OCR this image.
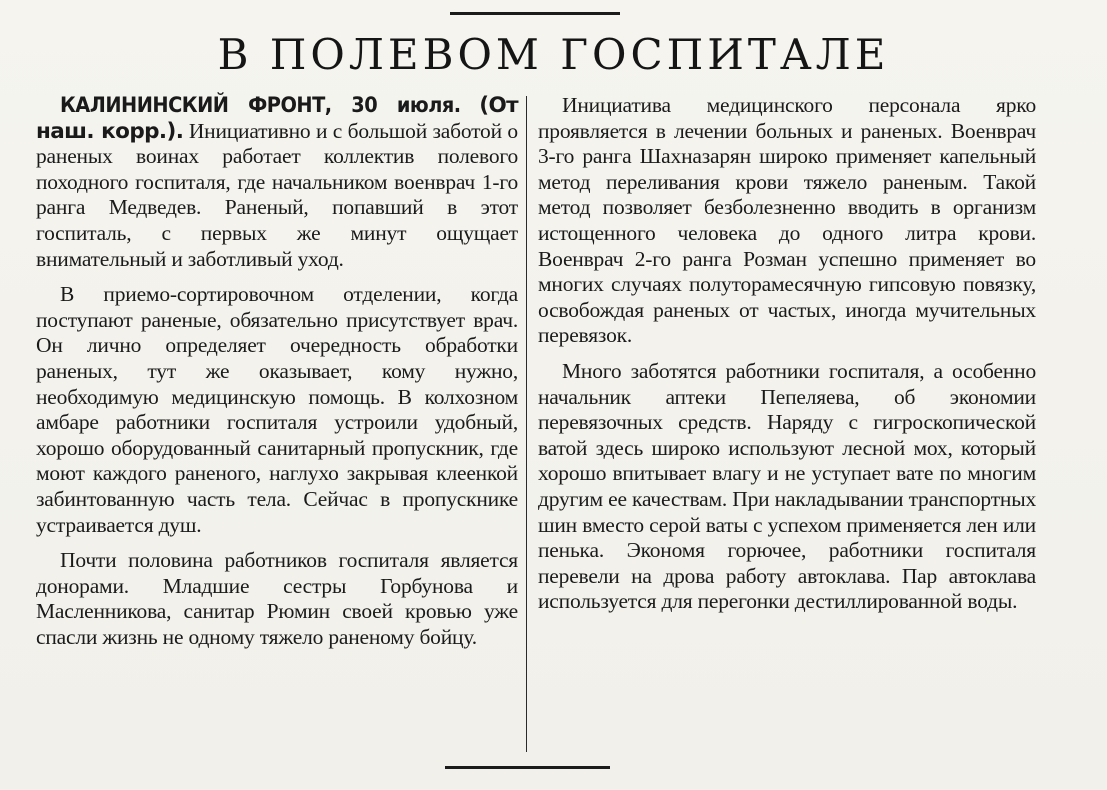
В ПОЛЕВОМ ГОСПИТАЛЕ

КАЛИНИНСКИЙ ФРОНТ, 30 июля. (От наш. корр.). Инициативно и с большой заботой о раненых воинах работает коллектив полевого походного госпиталя, где начальником военврач 1-го ранга Медведев. Раненый, попавший в этот госпиталь, с первых же минут ощущает внимательный и заботливый уход.

В приемо-сортировочном отделении, когда поступают раненые, обязательно присутствует врач. Он лично определяет очередность обработки раненых, тут же оказывает, кому нужно, необходимую медицинскую помощь. В колхозном амбаре работники госпиталя устроили удобный, хорошо оборудованный санитарный пропускник, где моют каждого раненого, наглухо закрывая клеенкой забинтованную часть тела. Сейчас в пропускнике устраивается душ.

Почти половина работников госпиталя является донорами. Младшие сестры Горбунова и Масленникова, санитар Рюмин своей кровью уже спасли жизнь не одному тяжело раненому бойцу.

Инициатива медицинского персонала ярко проявляется в лечении больных и раненых. Военврач 3-го ранга Шахназарян широко применяет капельный метод переливания крови тяжело раненым. Такой метод позволяет безболезненно вводить в организм истощенного человека до одного литра крови. Военврач 2-го ранга Розман успешно применяет во многих случаях полуторамесячную гипсовую повязку, освобождая раненых от частых, иногда мучительных перевязок.

Много заботятся работники госпиталя, а особенно начальник аптеки Пепеляева, об экономии перевязочных средств. Наряду с гигроскопической ватой здесь широко используют лесной мох, который хорошо впитывает влагу и не уступает вате по многим другим ее качествам. При накладывании транспортных шин вместо серой ваты с успехом применяется лен или пенька. Экономя горючее, работники госпиталя перевели на дрова работу автоклава. Пар автоклава используется для перегонки дестиллированной воды.
